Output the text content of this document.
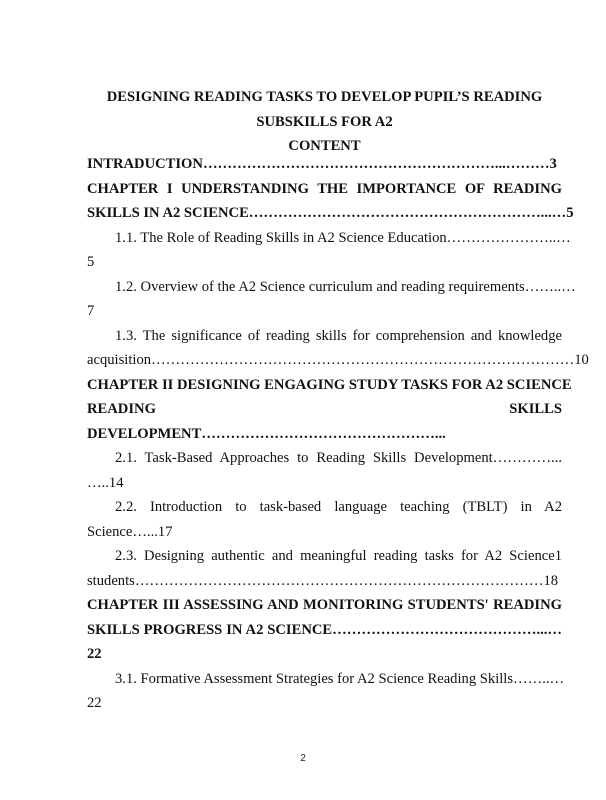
DESIGNING READING TASKS TO DEVELOP PUPIL’S READING
SUBSKILLS FOR A2
CONTENT
INTRADUCTION……………………………………………………...………3
CHAPTER I UNDERSTANDING THE IMPORTANCE OF READING
SKILLS IN A2 SCIENCE……………………………………………………...…5
1.1. The Role of Reading Skills in A2 Science Education…………………..…
5
1.2. Overview of the A2 Science curriculum and reading requirements……..…
7
1.3. The significance of reading skills for comprehension and knowledge
acquisition……………………………………………………………………………10
CHAPTER II DESIGNING ENGAGING STUDY TASKS FOR A2 SCIENCE
READING SKILLS
DEVELOPMENT…………………………………………...
2.1. Task-Based Approaches to Reading Skills Development…………...
…..14
2.2. Introduction to task-based language teaching (TBLT) in A2
Science…...17
2.3. Designing authentic and meaningful reading tasks for A2 Science1
students…………………………………………………………………………18
CHAPTER III ASSESSING AND MONITORING STUDENTS' READING
SKILLS PROGRESS IN A2 SCIENCE……………………………………...…
22
3.1. Formative Assessment Strategies for A2 Science Reading Skills……..…
22
2
